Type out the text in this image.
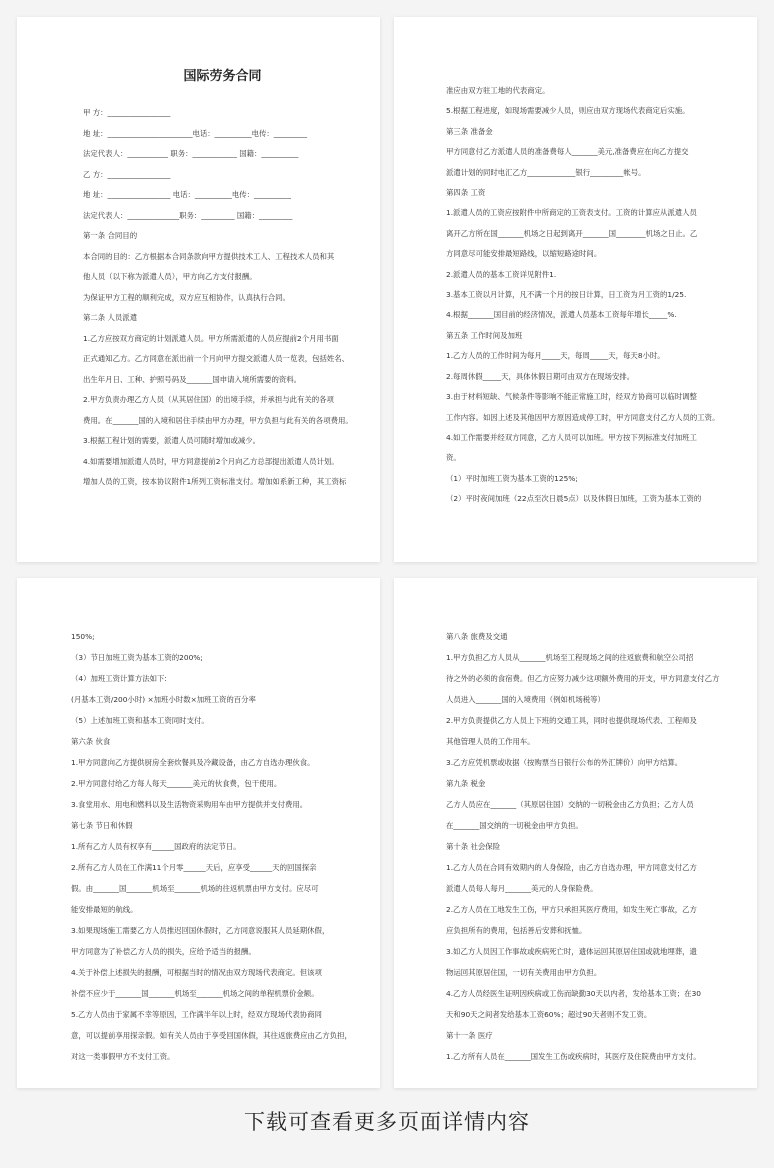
国际劳务合同
甲 方：_________________
地 址：_______________________电话：__________电传：_________
法定代表人：___________ 职务：____________ 国籍：__________
乙 方：_________________
地 址：_________________ 电话：__________电传：__________
法定代表人：______________职务：_________ 国籍：_________
第一条 合同目的
本合同的目的：乙方根据本合同条款向甲方提供技术工人、工程技术人员和其
他人员（以下称为派遣人员），甲方向乙方支付报酬。
为保证甲方工程的顺利完成，双方应互相协作，认真执行合同。
第二条 人员派遣
1.乙方应按双方商定的计划派遣人员。甲方所需派遣的人员应提前2个月用书面
正式通知乙方。乙方同意在派出前一个月向甲方提交派遣人员一览表，包括姓名、
出生年月日、工种、护照号码及_______国申请入境所需要的资料。
2.甲方负责办理乙方人员（从其居住国）的出境手续，并承担与此有关的各项
费用。在_______国的入境和居住手续由甲方办理，甲方负担与此有关的各项费用。
3.根据工程计划的需要，派遣人员可随时增加或减少。
4.如需要增加派遣人员时，甲方同意提前2个月向乙方总部提出派遣人员计划。
增加人员的工资，按本协议附件1所列工资标准支付。增加如系新工种，其工资标
准应由双方驻工地的代表商定。
5.根据工程进度，如现场需要减少人员，则应由双方现场代表商定后实施。
第三条 准备金
甲方同意付乙方派遣人员的准备费每人_______美元,准备费应在向乙方提交
派遣计划的同时电汇乙方_____________银行_________帐号。
第四条 工资
1.派遣人员的工资应按附件中所商定的工资表支付。工资的计算应从派遣人员
离开乙方所在国_______机场之日起到离开_______国________机场之日止。乙
方同意尽可能安排最短路线，以缩短路途时间。
2.派遣人员的基本工资详见附件1.
3.基本工资以月计算，凡不满一个月的按日计算，日工资为月工资的1/25.
4.根据_______国目前的经济情况，派遣人员基本工资每年增长_____%.
第五条 工作时间及加班
1.乙方人员的工作时间为每月_____天，每周_____天，每天8小时。
2.每周休假_____天，具体休假日期可由双方在现场安排。
3.由于材料短缺、气候条件等影响不能正常施工时，经双方协商可以临时调整
工作内容。如因上述及其他因甲方原因造成停工时，甲方同意支付乙方人员的工资。
4.如工作需要并经双方同意，乙方人员可以加班。甲方按下列标准支付加班工
资。
（1）平时加班工资为基本工资的125%;
（2）平时夜间加班（22点至次日晨5点）以及休假日加班，工资为基本工资的
150%;
（3）节日加班工资为基本工资的200%;
（4）加班工资计算方法如下:
(月基本工资/200小时) ×加班小时数×加班工资的百分率
（5）上述加班工资和基本工资同时支付。
第六条 伙食
1.甲方同意向乙方提供厨房全套炊餐具及冷藏设备，由乙方自选办理伙食。
2.甲方同意付给乙方每人每天_______美元的伙食费，包干使用。
3.食堂用水、用电和燃料以及生活物资采购用车由甲方提供并支付费用。
第七条 节日和休假
1.所有乙方人员有权享有______国政府的法定节日。
2.所有乙方人员在工作满11个月零______天后，应享受______天的回国探亲
假。由_______国_______机场至_______机场的往返机票由甲方支付。应尽可
能安排最短的航线。
3.如果现场施工需要乙方人员推迟回国休假时，乙方同意说服其人员延期休假，
甲方同意为了补偿乙方人员的损失，应给予适当的报酬。
4.关于补偿上述损失的报酬，可根据当时的情况由双方现场代表商定。但该项
补偿不应少于_______国_______机场至_______机场之间的单程机票价金额。
5.乙方人员由于家属不幸等原因，工作满半年以上时，经双方现场代表协商同
意，可以提前享用探亲假。如有关人员由于享受回国休假，其往返旅费应由乙方负担，
对这一类事假甲方不支付工资。
第八条 旅费及交通
1.甲方负担乙方人员从_______机场至工程现场之间的往返旅费和航空公司招
待之外的必须的食宿费。但乙方应努力减少这项额外费用的开支，甲方同意支付乙方
人员进入_______国的入境费用（例如机场税等）
2.甲方负责提供乙方人员上下班的交通工具，同时也提供现场代表、工程师及
其他管理人员的工作用车。
3.乙方应凭机票或收据（按购票当日银行公布的外汇牌价）向甲方结算。
第九条 税金
乙方人员应在_______（其原居住国）交纳的一切税金由乙方负担；乙方人员
在_______国交纳的一切税金由甲方负担。
第十条 社会保险
1.乙方人员在合同有效期内的人身保险，由乙方自选办理，甲方同意支付乙方
派遣人员每人每月_______美元的人身保险费。
2.乙方人员在工地发生工伤，甲方只承担其医疗费用，如发生死亡事故，乙方
应负担所有的费用，包括善后安葬和抚恤。
3.如乙方人员因工作事故或疾病死亡时，遗体运回其原居住国或就地埋葬，遗
物运回其原居住国，一切有关费用由甲方负担。
4.乙方人员经医生证明因疾病或工伤而缺勤30天以内者，发给基本工资；在30
天和90天之间者发给基本工资60%；超过90天者则不发工资。
第十一条 医疗
1.乙方所有人员在_______国发生工伤或疾病时，其医疗及住院费由甲方支付。
下载可查看更多页面详情内容
